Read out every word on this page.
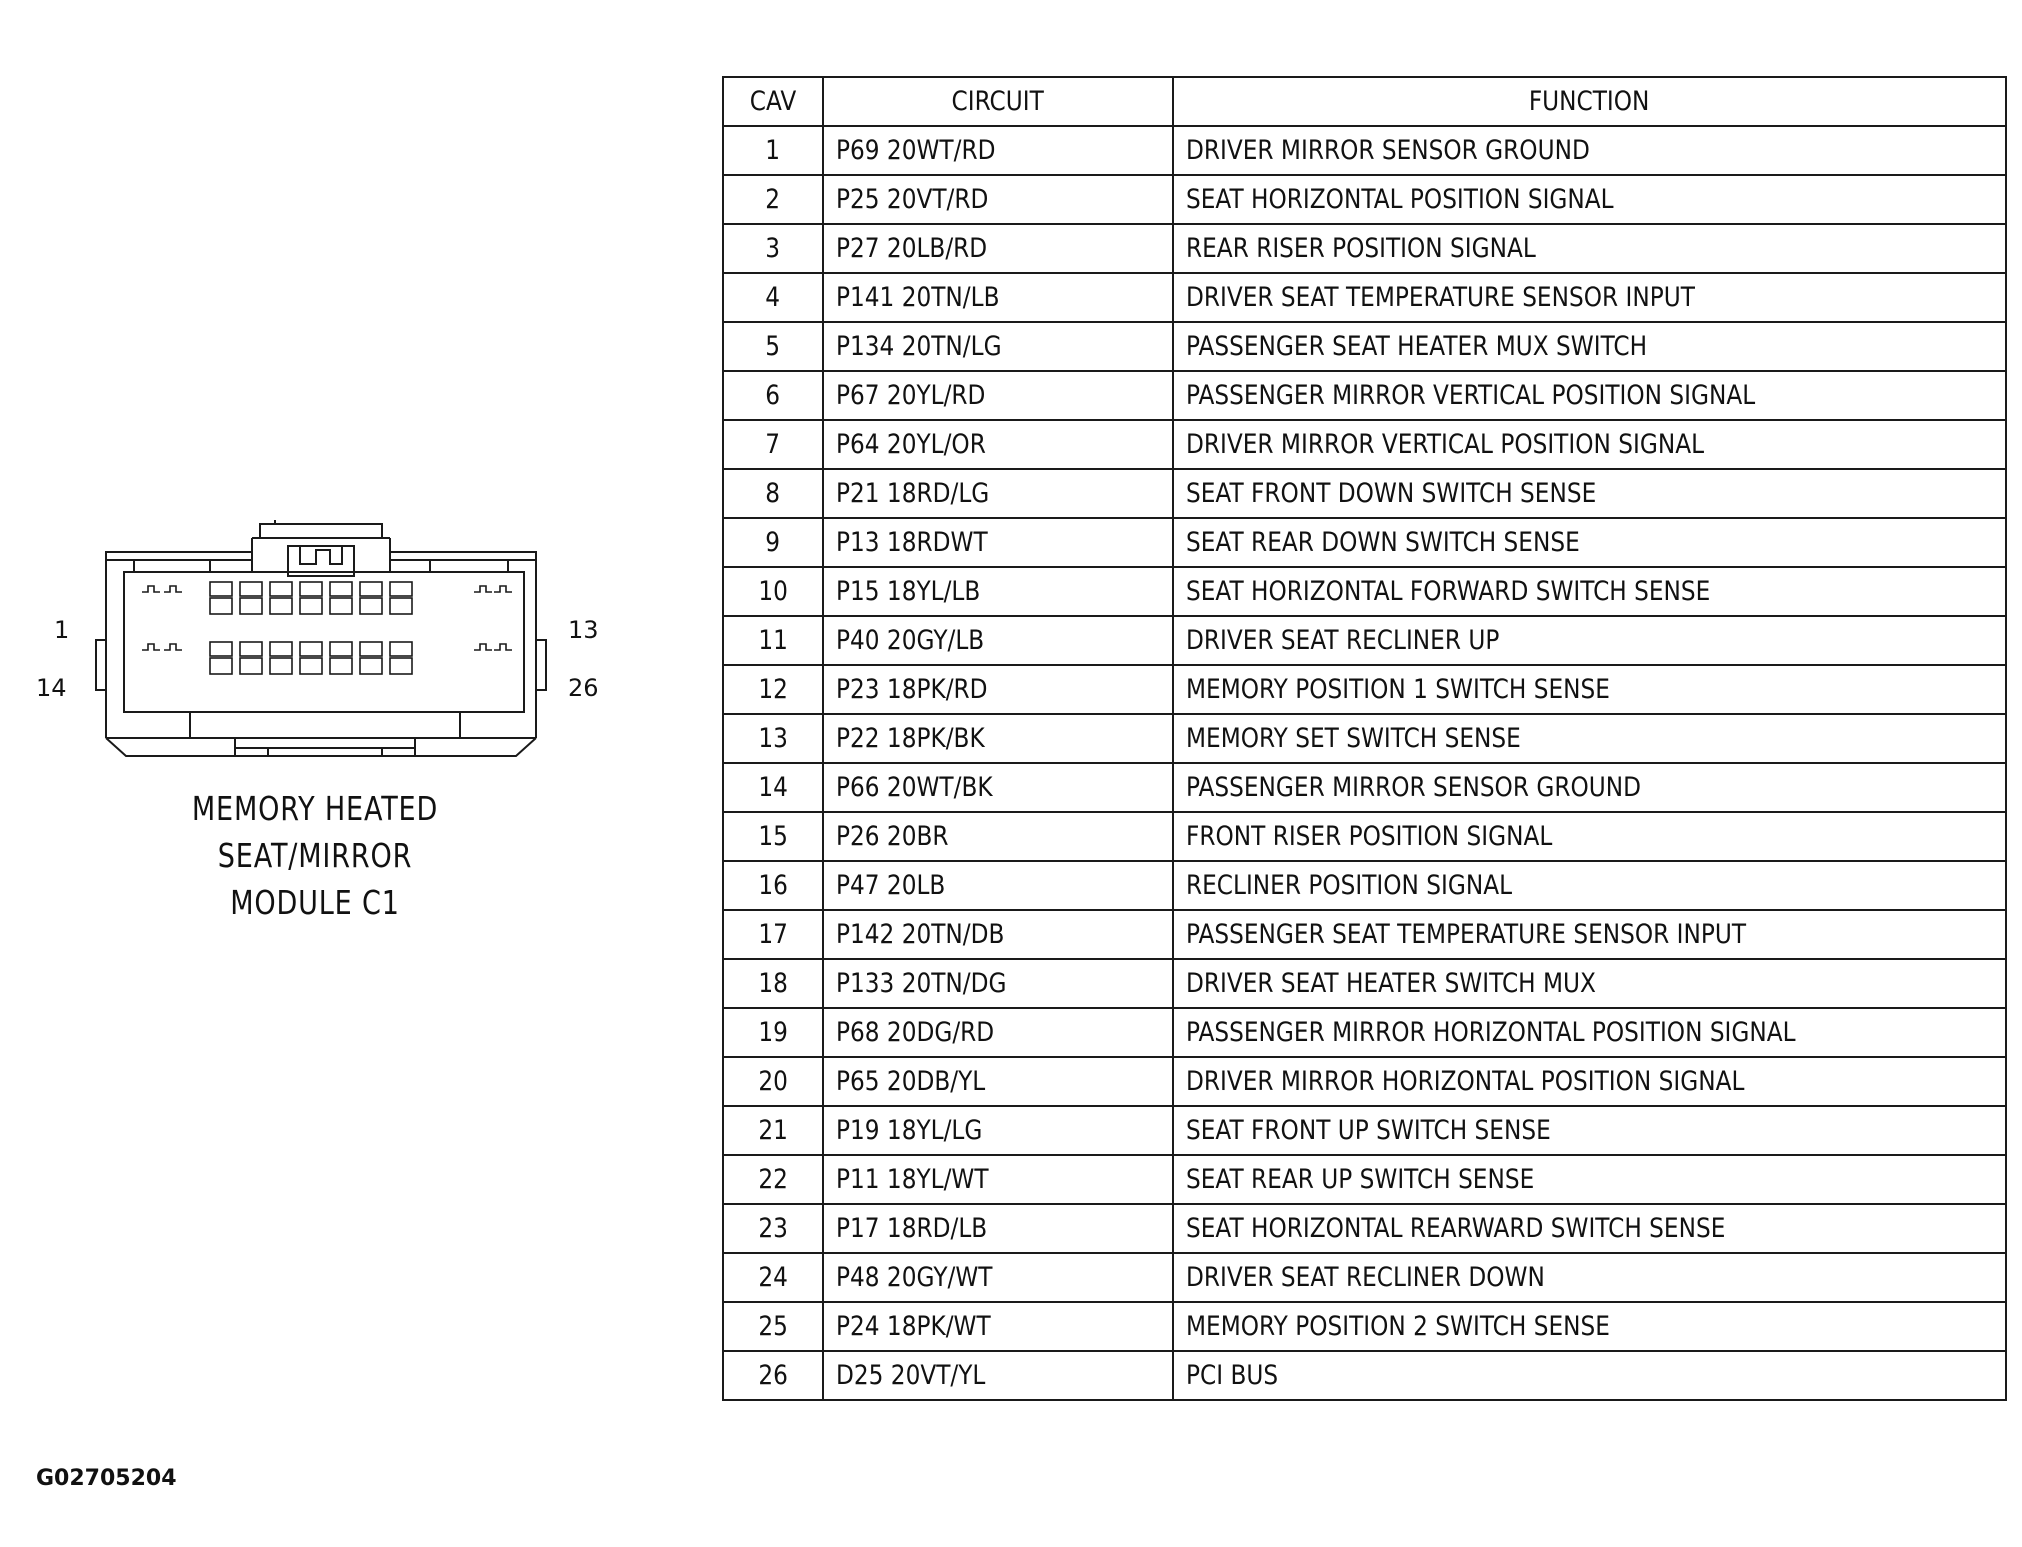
1	13
14	26
MEMORY HEATED
SEAT/MIRROR
MODULE C1
CAV	CIRCUIT	FUNCTION
1	P69 20WT/RD	DRIVER MIRROR SENSOR GROUND
2	P25 20VT/RD	SEAT HORIZONTAL POSITION SIGNAL
3	P27 20LB/RD	REAR RISER POSITION SIGNAL
4	P141 20TN/LB	DRIVER SEAT TEMPERATURE SENSOR INPUT
5	P134 20TN/LG	PASSENGER SEAT HEATER MUX SWITCH
6	P67 20YL/RD	PASSENGER MIRROR VERTICAL POSITION SIGNAL
7	P64 20YL/OR	DRIVER MIRROR VERTICAL POSITION SIGNAL
8	P21 18RD/LG	SEAT FRONT DOWN SWITCH SENSE
9	P13 18RDWT	SEAT REAR DOWN SWITCH SENSE
10	P15 18YL/LB	SEAT HORIZONTAL FORWARD SWITCH SENSE
11	P40 20GY/LB	DRIVER SEAT RECLINER UP
12	P23 18PK/RD	MEMORY POSITION 1 SWITCH SENSE
13	P22 18PK/BK	MEMORY SET SWITCH SENSE
14	P66 20WT/BK	PASSENGER MIRROR SENSOR GROUND
15	P26 20BR	FRONT RISER POSITION SIGNAL
16	P47 20LB	RECLINER POSITION SIGNAL
17	P142 20TN/DB	PASSENGER SEAT TEMPERATURE SENSOR INPUT
18	P133 20TN/DG	DRIVER SEAT HEATER SWITCH MUX
19	P68 20DG/RD	PASSENGER MIRROR HORIZONTAL POSITION SIGNAL
20	P65 20DB/YL	DRIVER MIRROR HORIZONTAL POSITION SIGNAL
21	P19 18YL/LG	SEAT FRONT UP SWITCH SENSE
22	P11 18YL/WT	SEAT REAR UP SWITCH SENSE
23	P17 18RD/LB	SEAT HORIZONTAL REARWARD SWITCH SENSE
24	P48 20GY/WT	DRIVER SEAT RECLINER DOWN
25	P24 18PK/WT	MEMORY POSITION 2 SWITCH SENSE
26	D25 20VT/YL	PCI BUS
G02705204
